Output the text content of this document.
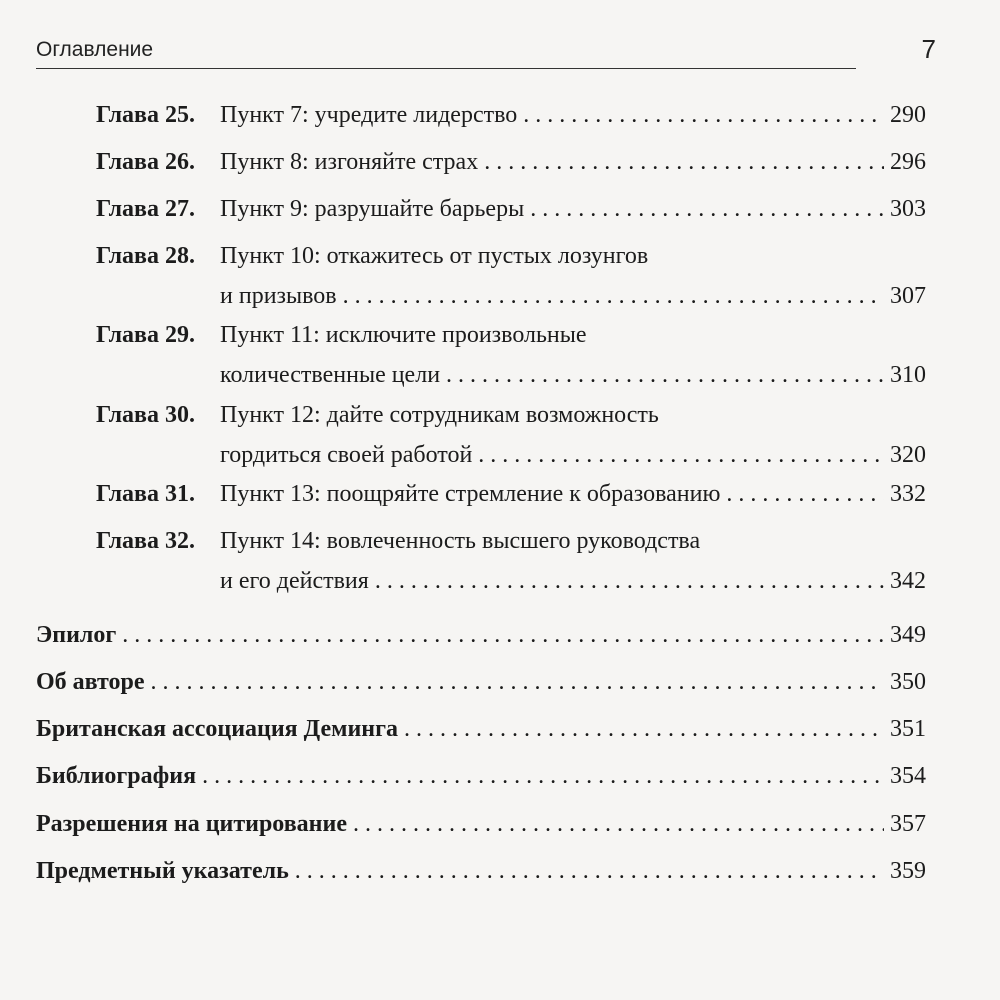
Оглавление	7
Глава 25. Пункт 7: учредите лидерство . . .	290
Глава 26. Пункт 8: изгоняйте страх . . .	296
Глава 27. Пункт 9: разрушайте барьеры . . .	303
Глава 28. Пункт 10: откажитесь от пустых лозунгов
и призывов . . .	307
Глава 29. Пункт 11: исключите произвольные
количественные цели . . .	310
Глава 30. Пункт 12: дайте сотрудникам возможность
гордиться своей работой . . .	320
Глава 31. Пункт 13: поощряйте стремление к образованию . . .	332
Глава 32. Пункт 14: вовлеченность высшего руководства
и его действия . . .	342
Эпилог . . .	349
Об авторе . . .	350
Британская ассоциация Деминга . . .	351
Библиография . . .	354
Разрешения на цитирование . . .	357
Предметный указатель . . .	359
